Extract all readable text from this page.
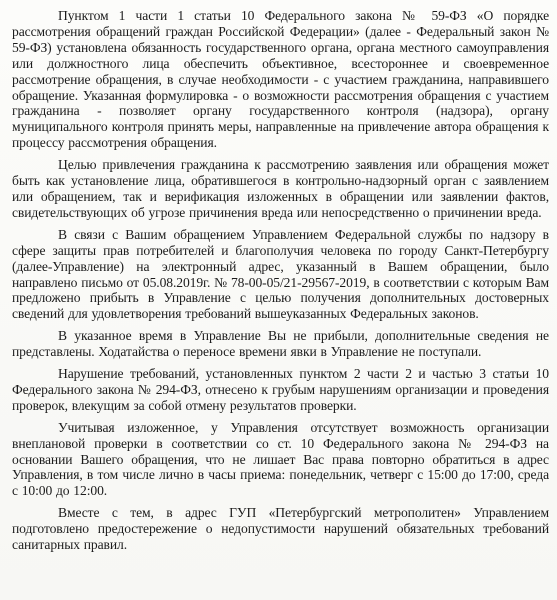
Пунктом 1 части 1 статьи 10 Федерального закона № 59-ФЗ «О порядке рассмотрения обращений граждан Российской Федерации» (далее - Федеральный закон № 59-ФЗ) установлена обязанность государственного органа, органа местного самоуправления или должностного лица обеспечить объективное, всестороннее и своевременное рассмотрение обращения, в случае необходимости - с участием гражданина, направившего обращение. Указанная формулировка - о возможности рассмотрения обращения с участием гражданина - позволяет органу государственного контроля (надзора), органу муниципального контроля принять меры, направленные на привлечение автора обращения к процессу рассмотрения обращения.

Целью привлечения гражданина к рассмотрению заявления или обращения может быть как установление лица, обратившегося в контрольно-надзорный орган с заявлением или обращением, так и верификация изложенных в обращении или заявлении фактов, свидетельствующих об угрозе причинения вреда или непосредственно о причинении вреда.

В связи с Вашим обращением Управлением Федеральной службы по надзору в сфере защиты прав потребителей и благополучия человека по городу Санкт-Петербургу (далее-Управление) на электронный адрес, указанный в Вашем обращении, было направлено письмо от 05.08.2019г. № 78-00-05/21-29567-2019, в соответствии с которым Вам предложено прибыть в Управление с целью получения дополнительных достоверных сведений для удовлетворения требований вышеуказанных Федеральных законов.

В указанное время в Управление Вы не прибыли, дополнительные сведения не представлены. Ходатайства о переносе времени явки в Управление не поступали.

Нарушение требований, установленных пунктом 2 части 2 и частью 3 статьи 10 Федерального закона № 294-ФЗ, отнесено к грубым нарушениям организации и проведения проверок, влекущим за собой отмену результатов проверки.

Учитывая изложенное, у Управления отсутствует возможность организации внеплановой проверки в соответствии со ст. 10 Федерального закона № 294-ФЗ на основании Вашего обращения, что не лишает Вас права повторно обратиться в адрес Управления, в том числе лично в часы приема: понедельник, четверг с 15:00 до 17:00, среда с 10:00 до 12:00.

Вместе с тем, в адрес ГУП «Петербургский метрополитен» Управлением подготовлено предостережение о недопустимости нарушений обязательных требований санитарных правил.
